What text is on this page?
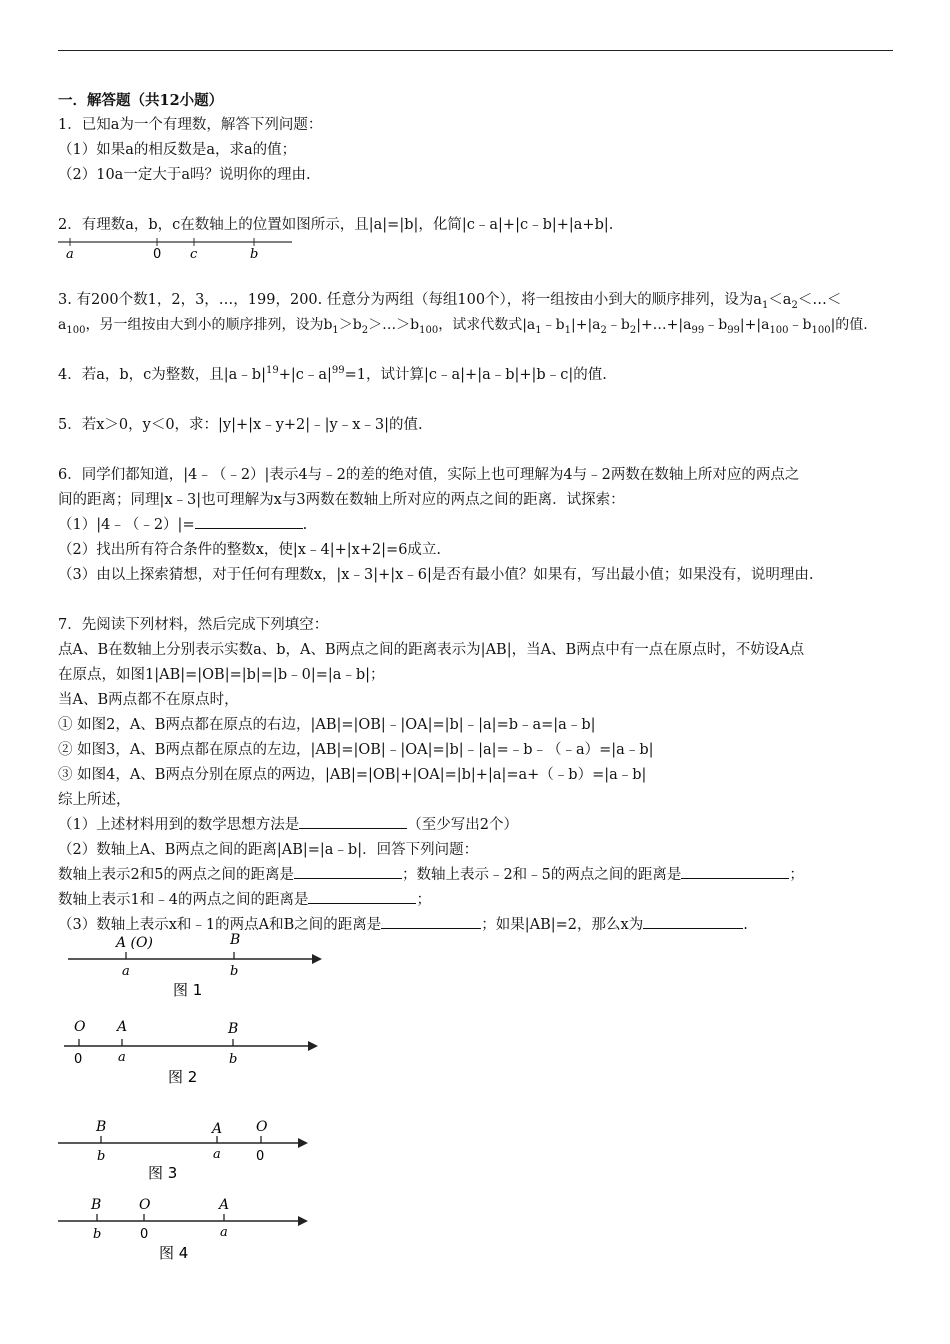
一．解答题（共12小题）
1．已知a为一个有理数，解答下列问题：
（1）如果a的相反数是a，求a的值；
（2）10a一定大于a吗？说明你的理由.
2．有理数a，b，c在数轴上的位置如图所示，且|a|=|b|，化简|c﹣a|+|c﹣b|+|a+b|.
3. 有200个数1，2，3，…，199，200. 任意分为两组（每组100个），将一组按由小到大的顺序排列，设为$a_1<a_2<\dots<$
$a_{100}$，另一组按由大到小的顺序排列，设为$b_1>b_2>\dots>b_{100}$，试求代数式$|a_1﹣b_1|+|a_2﹣b_2|+\dots+|a_{99}﹣b_{99}|+|a_{100}﹣b_{100}|$的值.
4．若a，b，c为整数，且$|a﹣b|^{19}+|c﹣a|^{99}=1$，试计算|c﹣a|+|a﹣b|+|b﹣c|的值.
5．若x＞0，y＜0，求：|y|+|x﹣y+2|﹣|y﹣x﹣3|的值.
6．同学们都知道，|4﹣（﹣2）|表示4与﹣2的差的绝对值，实际上也可理解为4与﹣2两数在数轴上所对应的两点之
间的距离；同理|x﹣3|也可理解为x与3两数在数轴上所对应的两点之间的距离．试探索：
（1）|4﹣（﹣2）|=	.
（2）找出所有符合条件的整数x，使|x﹣4|+|x+2|=6成立.
（3）由以上探索猜想，对于任何有理数x，|x﹣3|+|x﹣6|是否有最小值？如果有，写出最小值；如果没有，说明理由.
7．先阅读下列材料，然后完成下列填空：
点A、B在数轴上分别表示实数a、b，A、B两点之间的距离表示为|AB|，当A、B两点中有一点在原点时，不妨设A点
在原点，如图1|AB|=|OB|=|b|=|b﹣0|=|a﹣b|；
当A、B两点都不在原点时，
① 如图2，A、B两点都在原点的右边，|AB|=|OB|﹣|OA|=|b|﹣|a|=b﹣a=|a﹣b|
② 如图3，A、B两点都在原点的左边，|AB|=|OB|﹣|OA|=|b|﹣|a|=﹣b﹣（﹣a）=|a﹣b|
③ 如图4，A、B两点分别在原点的两边，|AB|=|OB|+|OA|=|b|+|a|=a+（﹣b）=|a﹣b|
综上所述，
（1）上述材料用到的数学思想方法是	（至少写出2个）
（2）数轴上A、B两点之间的距离|AB|=|a﹣b|．回答下列问题：
数轴上表示2和5的两点之间的距离是	；数轴上表示﹣2和﹣5的两点之间的距离是	；
数轴上表示1和﹣4的两点之间的距离是	；
（3）数轴上表示x和﹣1的两点A和B之间的距离是	；如果|AB|=2，那么x为	.
a	0 c	b
A (O)	B
a	b
图 1
O A	B
0	a	b
图 2
B	A O
b	a	0
图 3
B	O	A
b	0	a
图 4
